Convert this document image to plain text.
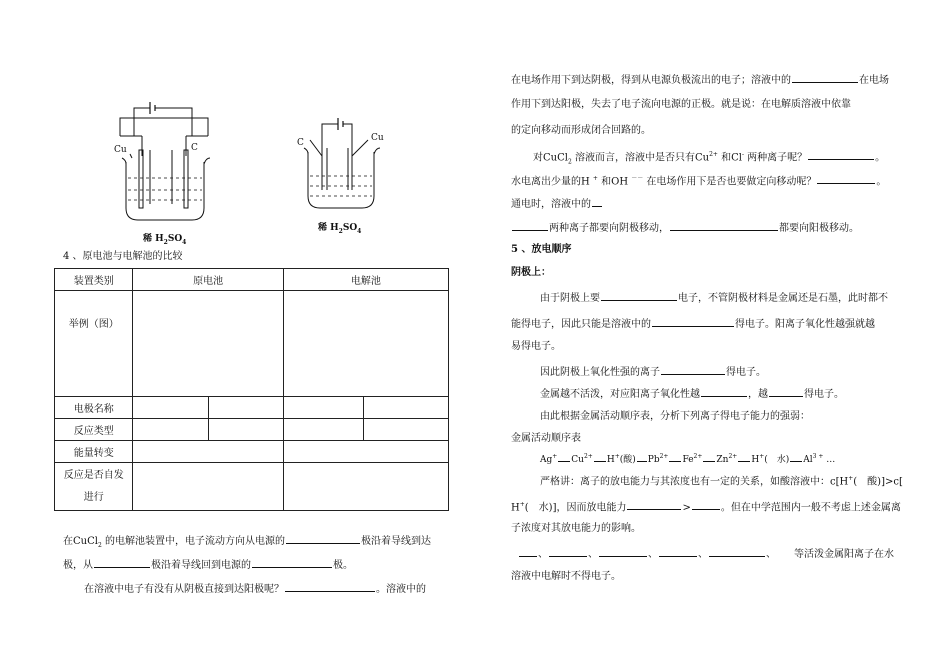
Cu	C
稀 $H_2SO_4$
C	Cu
稀 $H_2SO_4$
4 、原电池与电解池的比较
装置类别	原电池		电解池	
举例（图）				
电极名称				
反应类型				
能量转变				
反应是否自发
进行				
在CuCl$_2$ 的电解池装置中，电子流动方向从电源的	极沿着导线到达
极，从	极沿着导线回到电源的	极。
在溶液中电子有没有从阴极直接到达阳极呢？	。溶液中的
在电场作用下到达阴极，得到从电源负极流出的电子；溶液中的	在电场
作用下到达阳极，失去了电子流向电源的正极。就是说：在电解质溶液中依靠
的定向移动而形成闭合回路的。
对CuCl$_2$ 溶液而言，溶液中是否只有$Cu^{2+}$ 和Cl- 两种离子呢？	。
水电离出少量的H + 和OH －－ 在电场作用下是否也要做定向移动呢？	。
通电时，溶液中的
两种离子都要向阴极移动，	都要向阳极移动。
5 、放电顺序
阴极上：
由于阴极上要	电子，不管阴极材料是金属还是石墨，此时都不
能得电子，因此只能是溶液中的	得电子。阳离子氧化性越强就越
易得电子。
因此阴极上氧化性强的离子	得电子。
金属越不活泼，对应阳离子氧化性越	，越	得电子。
由此根据金属活动顺序表，分析下列离子得电子能力的强弱：
金属活动顺序表
Ag+ $Cu^{2+}$ H+(酸) $Pb^{2+}$ $Fe^{2+}$ $Zn^{2+}$ H+(　水) $Al^{3 +}$ …
严格讲：离子的放电能力与其浓度也有一定的关系，如酸溶液中：c[H+(　酸)]>c[
H+(　水)]，因而放电能力	>	。但在中学范围内一般不考虑上述金属离
子浓度对其放电能力的影响。
、	、	、	、	、 等活泼金属阳离子在水
溶液中电解时不得电子。
